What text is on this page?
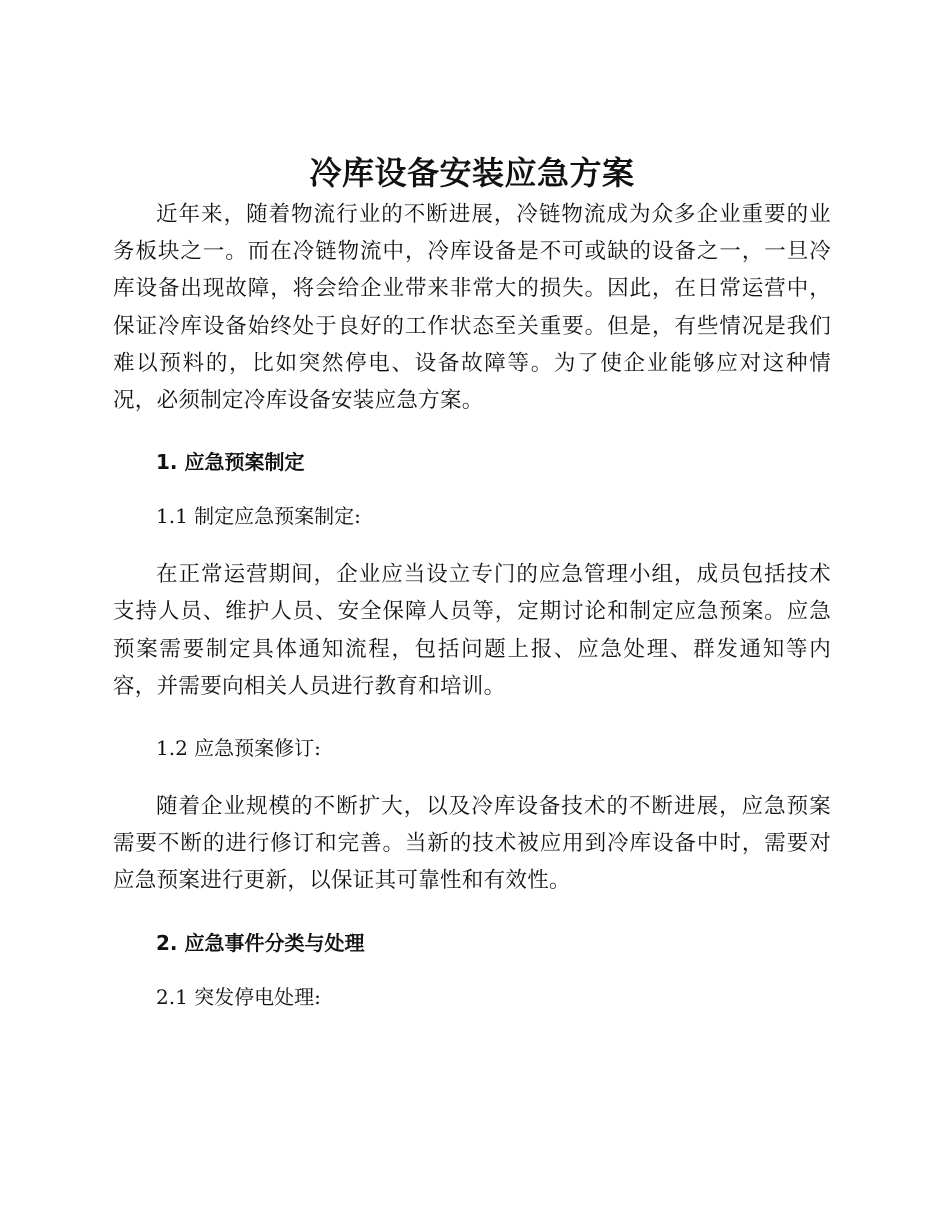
冷库设备安装应急方案

近年来，随着物流行业的不断进展，冷链物流成为众多企业重要的业务板块之一。而在冷链物流中，冷库设备是不可或缺的设备之一，一旦冷库设备出现故障，将会给企业带来非常大的损失。因此，在日常运营中，保证冷库设备始终处于良好的工作状态至关重要。但是，有些情况是我们难以预料的，比如突然停电、设备故障等。为了使企业能够应对这种情况，必须制定冷库设备安装应急方案。

1. 应急预案制定

1.1 制定应急预案制定:

在正常运营期间，企业应当设立专门的应急管理小组，成员包括技术支持人员、维护人员、安全保障人员等，定期讨论和制定应急预案。应急预案需要制定具体通知流程，包括问题上报、应急处理、群发通知等内容，并需要向相关人员进行教育和培训。

1.2 应急预案修订:

随着企业规模的不断扩大，以及冷库设备技术的不断进展，应急预案需要不断的进行修订和完善。当新的技术被应用到冷库设备中时，需要对应急预案进行更新，以保证其可靠性和有效性。

2. 应急事件分类与处理

2.1 突发停电处理:
